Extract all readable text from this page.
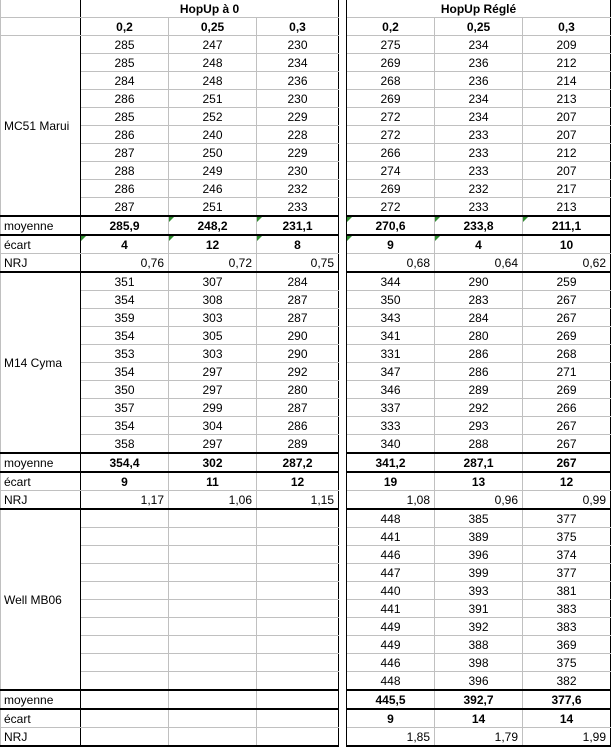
	HopUp à 0				HopUp Réglé		
	0,2	0,25	0,3		0,2	0,25	0,3
MC51 Marui	285	247	230		275	234	209
	285	248	234		269	236	212
	284	248	236		268	236	214
	286	251	230		269	234	213
	285	252	229		272	234	207
	286	240	228		272	233	207
	287	250	229		266	233	212
	288	249	230		274	233	207
	286	246	232		269	232	217
	287	251	233		272	233	213
moyenne	285,9	248,2	231,1		270,6	233,8	211,1
écart	4	12	8		9	4	10
NRJ	0,76	0,72	0,75		0,68	0,64	0,62
M14 Cyma	351	307	284		344	290	259
	354	308	287		350	283	267
	359	303	287		343	284	267
	354	305	290		341	280	269
	353	303	290		331	286	268
	354	297	292		347	286	271
	350	297	280		346	289	269
	357	299	287		337	292	266
	354	304	286		333	293	267
	358	297	289		340	288	267
moyenne	354,4	302	287,2		341,2	287,1	267
écart	9	11	12		19	13	12
NRJ	1,17	1,06	1,15		1,08	0,96	0,99
Well MB06					448	385	377
					441	389	375
					446	396	374
					447	399	377
					440	393	381
					441	391	383
					449	392	383
					449	388	369
					446	398	375
					448	396	382
moyenne					445,5	392,7	377,6
écart					9	14	14
NRJ					1,85	1,79	1,99
